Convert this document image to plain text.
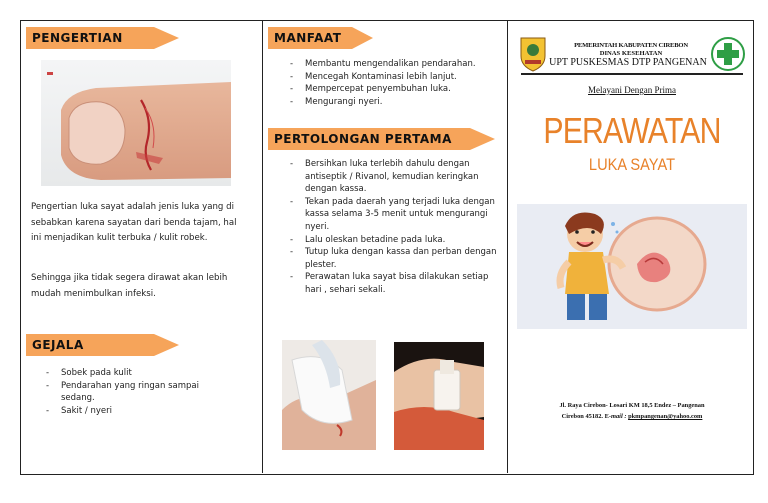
PENGERTIAN
Pengertian luka sayat adalah jenis luka yang di sebabkan karena sayatan dari benda tajam, hal ini menjadikan kulit terbuka / kulit robek.
Sehingga jika tidak segera dirawat akan lebih mudah menimbulkan infeksi.
GEJALA
- Sobek pada kulit
- Pendarahan yang ringan sampai sedang.
- Sakit / nyeri
MANFAAT
- Membantu mengendalikan pendarahan.
- Mencegah Kontaminasi lebih lanjut.
- Mempercepat penyembuhan luka.
- Mengurangi nyeri.
PERTOLONGAN PERTAMA
- Bersihkan luka terlebih dahulu dengan antiseptik / Rivanol, kemudian keringkan dengan kassa.
- Tekan pada daerah yang terjadi luka dengan kassa selama 3-5 menit untuk mengurangi nyeri.
- Lalu oleskan betadine pada luka.
- Tutup luka dengan kassa dan perban dengan plester.
- Perawatan luka sayat bisa dilakukan setiap hari , sehari sekali.
PEMERINTAH KABUPATEN CIREBON
DINAS KESEHATAN
UPT PUSKESMAS DTP PANGENAN
Melayani Dengan Prima
PERAWATAN
LUKA SAYAT
Jl. Raya Cirebon- Losari KM 18,5 Endez – Pangenan
Cirebon 45182. E-mail : pkmpangenan@yahoo.com
